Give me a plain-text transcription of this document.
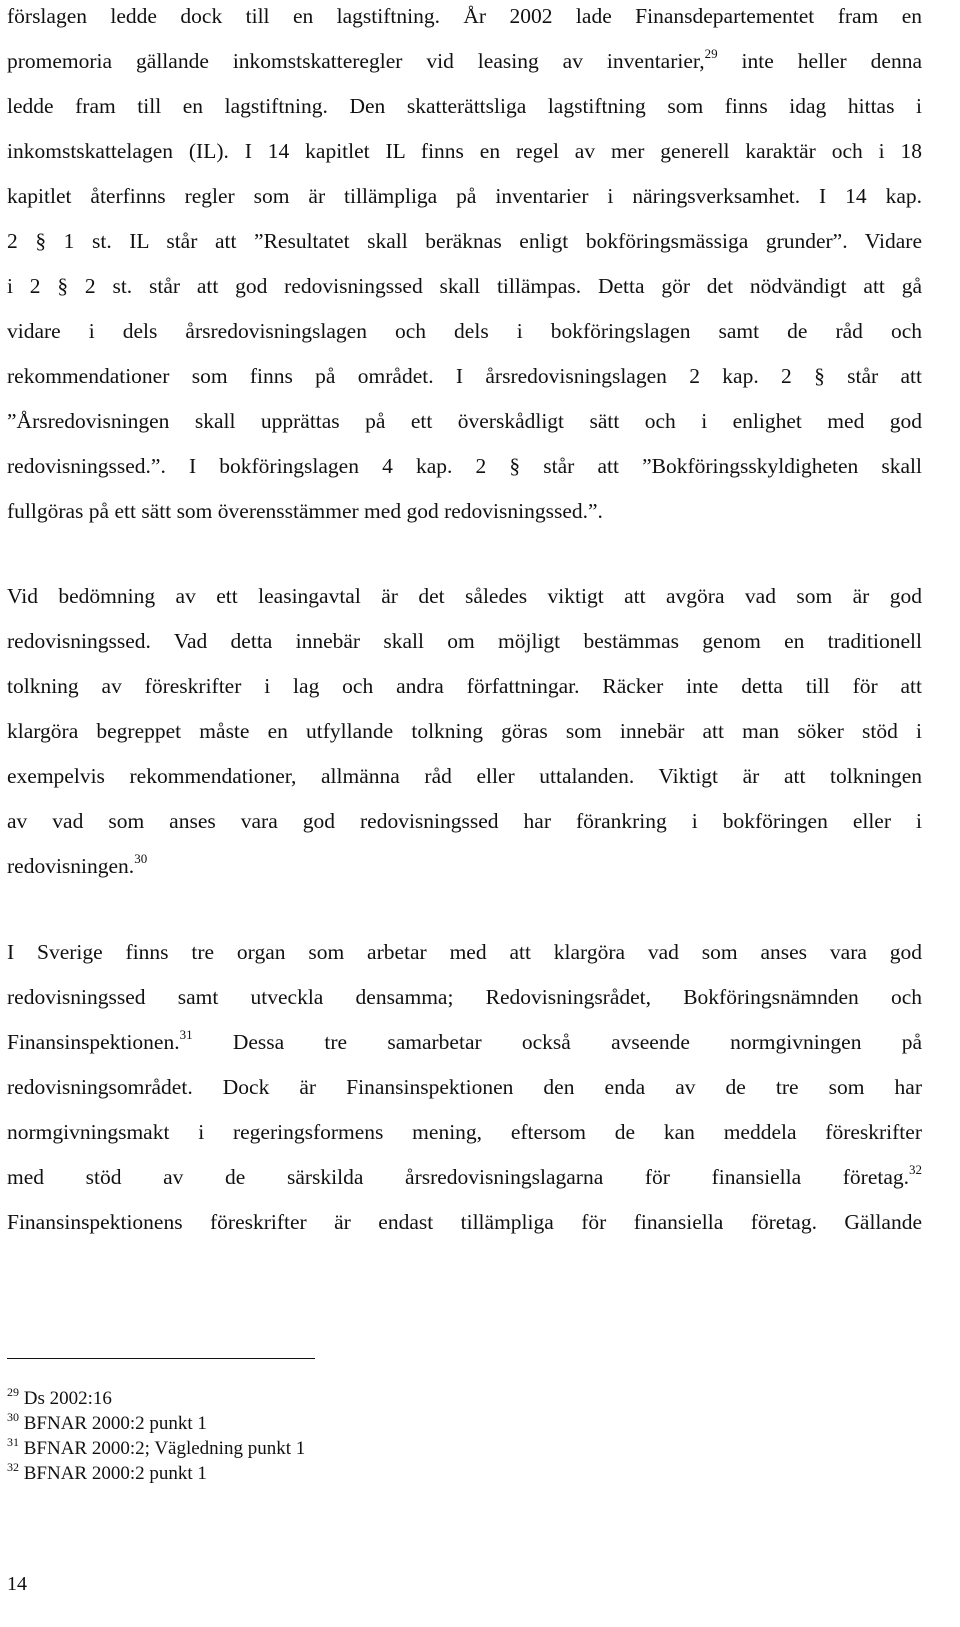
förslagen ledde dock till en lagstiftning. År 2002 lade Finansdepartementet fram en
promemoria gällande inkomstskatteregler vid leasing av inventarier,$^{29}$ inte heller denna
ledde fram till en lagstiftning. Den skatterättsliga lagstiftning som finns idag hittas i
inkomstskattelagen (IL). I 14 kapitlet IL finns en regel av mer generell karaktär och i 18
kapitlet återfinns regler som är tillämpliga på inventarier i näringsverksamhet. I 14 kap.
2 § 1 st. IL står att ”Resultatet skall beräknas enligt bokföringsmässiga grunder”. Vidare
i 2 § 2 st. står att god redovisningssed skall tillämpas. Detta gör det nödvändigt att gå
vidare i dels årsredovisningslagen och dels i bokföringslagen samt de råd och
rekommendationer som finns på området. I årsredovisningslagen 2 kap. 2 § står att
”Årsredovisningen skall upprättas på ett överskådligt sätt och i enlighet med god
redovisningssed.”. I bokföringslagen 4 kap. 2 § står att ”Bokföringsskyldigheten skall
fullgöras på ett sätt som överensstämmer med god redovisningssed.”.
Vid bedömning av ett leasingavtal är det således viktigt att avgöra vad som är god
redovisningssed. Vad detta innebär skall om möjligt bestämmas genom en traditionell
tolkning av föreskrifter i lag och andra författningar. Räcker inte detta till för att
klargöra begreppet måste en utfyllande tolkning göras som innebär att man söker stöd i
exempelvis rekommendationer, allmänna råd eller uttalanden. Viktigt är att tolkningen
av vad som anses vara god redovisningssed har förankring i bokföringen eller i
redovisningen.$^{30}$
I Sverige finns tre organ som arbetar med att klargöra vad som anses vara god
redovisningssed samt utveckla densamma; Redovisningsrådet, Bokföringsnämnden och
Finansinspektionen.$^{31}$ Dessa tre samarbetar också avseende normgivningen på
redovisningsområdet. Dock är Finansinspektionen den enda av de tre som har
normgivningsmakt i regeringsformens mening, eftersom de kan meddela föreskrifter
med stöd av de särskilda årsredovisningslagarna för finansiella företag.$^{32}$
Finansinspektionens föreskrifter är endast tillämpliga för finansiella företag. Gällande
$^{29}$ Ds 2002:16
$^{30}$ BFNAR 2000:2 punkt 1
$^{31}$ BFNAR 2000:2; Vägledning punkt 1
$^{32}$ BFNAR 2000:2 punkt 1
14
